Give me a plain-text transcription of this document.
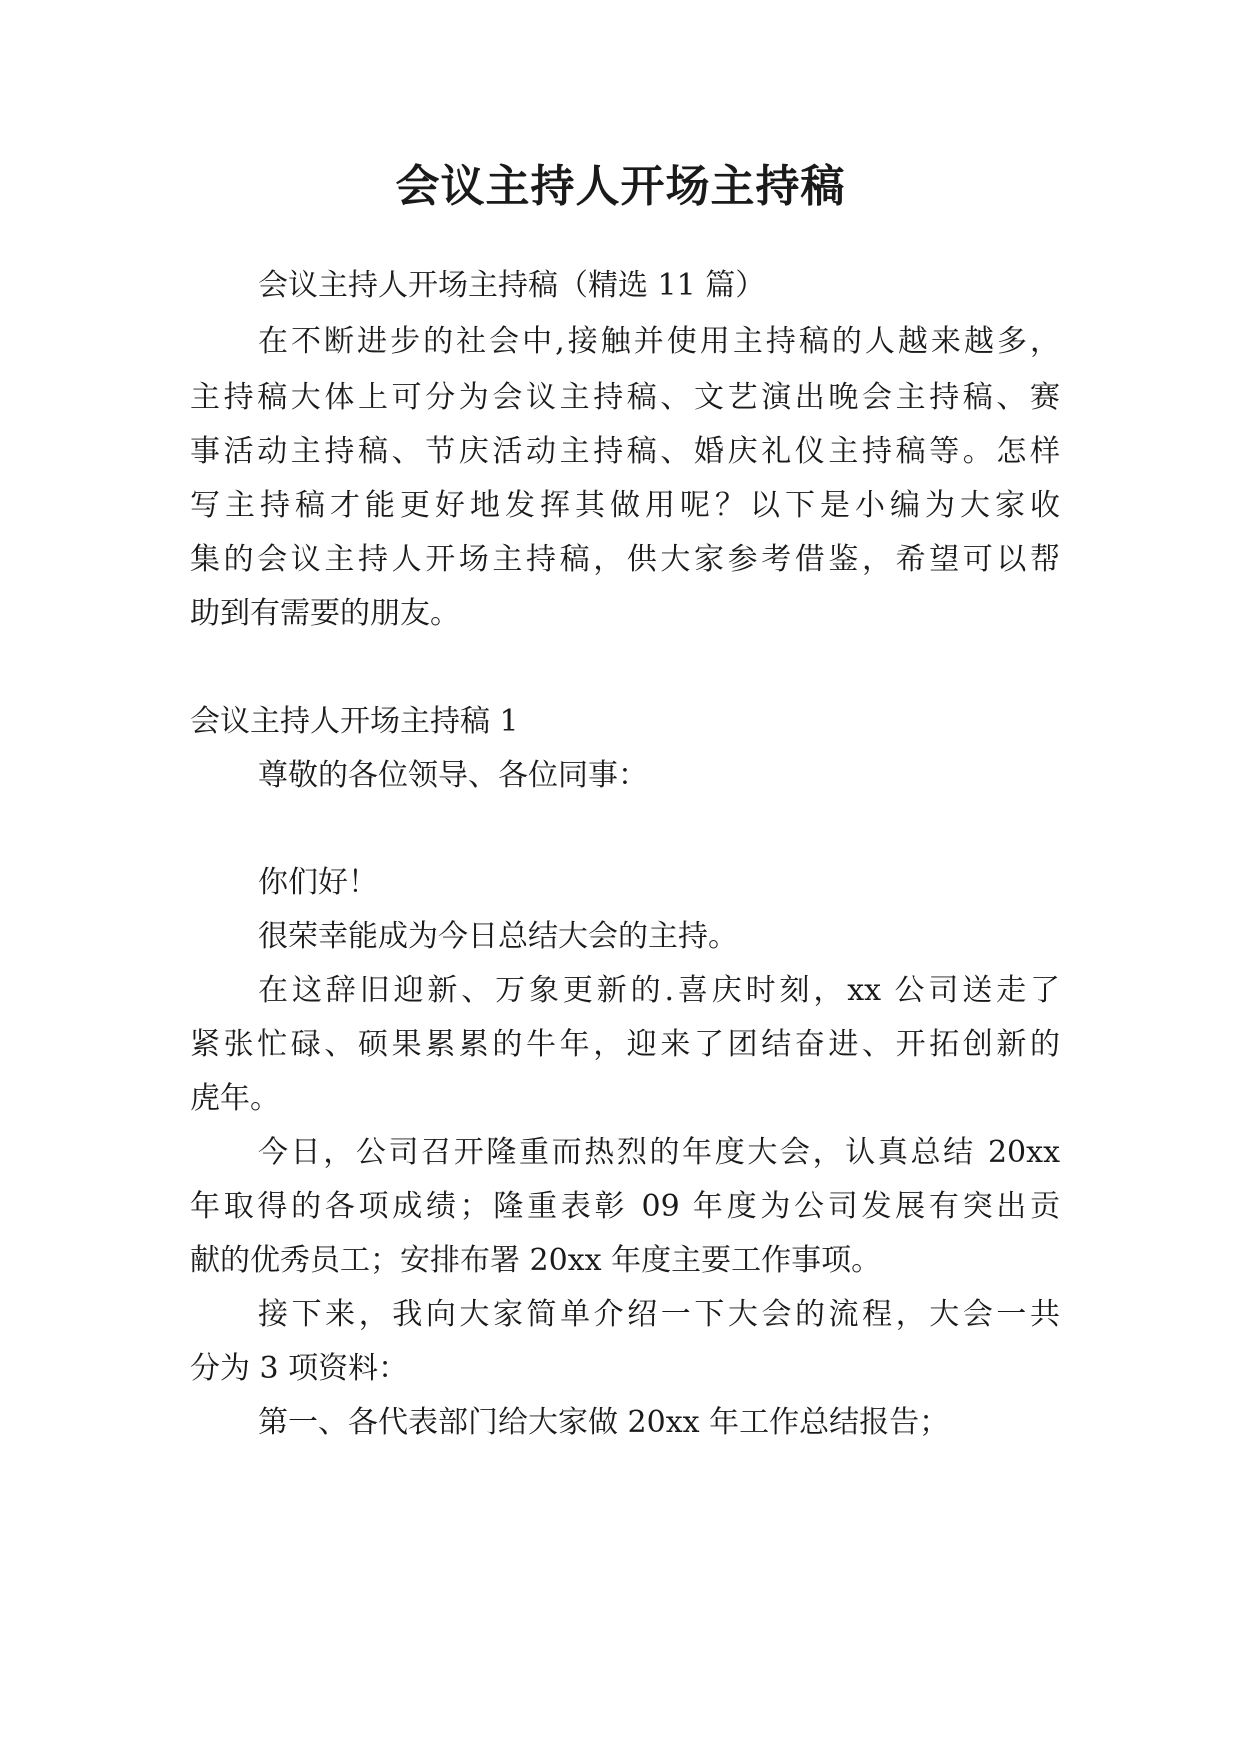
会议主持人开场主持稿
会议主持人开场主持稿（精选 11 篇）
在不断进步的社会中,接触并使用主持稿的人越来越多，
主持稿大体上可分为会议主持稿、文艺演出晚会主持稿、赛
事活动主持稿、节庆活动主持稿、婚庆礼仪主持稿等。怎样
写主持稿才能更好地发挥其做用呢？以下是小编为大家收
集的会议主持人开场主持稿，供大家参考借鉴，希望可以帮
助到有需要的朋友。
会议主持人开场主持稿 1
尊敬的各位领导、各位同事：
你们好！
很荣幸能成为今日总结大会的主持。
在这辞旧迎新、万象更新的.喜庆时刻，xx 公司送走了
紧张忙碌、硕果累累的牛年，迎来了团结奋进、开拓创新的
虎年。
今日，公司召开隆重而热烈的年度大会，认真总结 20xx
年取得的各项成绩；隆重表彰 09 年度为公司发展有突出贡
献的优秀员工；安排布署 20xx 年度主要工作事项。
接下来，我向大家简单介绍一下大会的流程，大会一共
分为 3 项资料：
第一、各代表部门给大家做 20xx 年工作总结报告；
